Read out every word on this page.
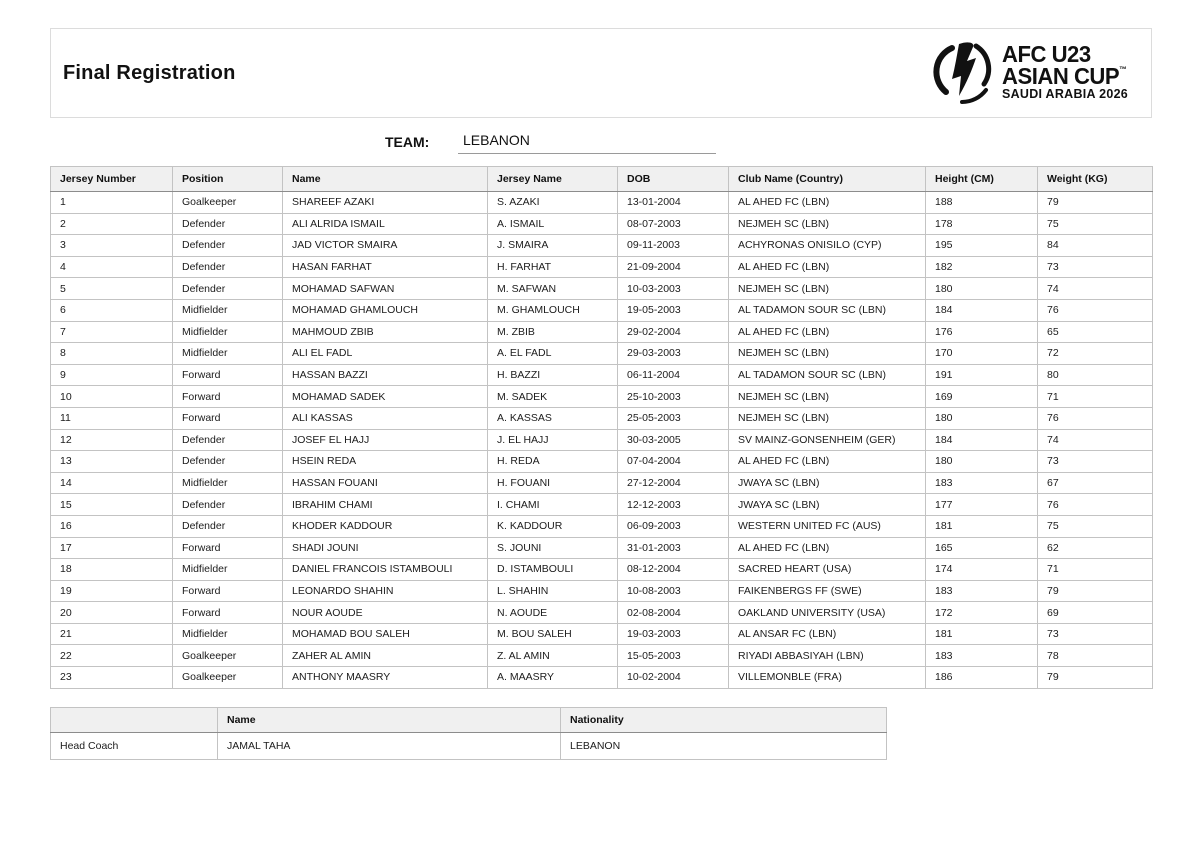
Final Registration
AFC U23
ASIAN CUP™
SAUDI ARABIA 2026
TEAM:	LEBANON
Jersey Number	Position	Name	Jersey Name	DOB	Club Name (Country)	Height (CM)	Weight (KG)
1	Goalkeeper	SHAREEF AZAKI	S. AZAKI	13-01-2004	AL AHED FC (LBN)	188	79
2	Defender	ALI ALRIDA ISMAIL	A. ISMAIL	08-07-2003	NEJMEH SC (LBN)	178	75
3	Defender	JAD VICTOR SMAIRA	J. SMAIRA	09-11-2003	ACHYRONAS ONISILO (CYP)	195	84
4	Defender	HASAN FARHAT	H. FARHAT	21-09-2004	AL AHED FC (LBN)	182	73
5	Defender	MOHAMAD SAFWAN	M. SAFWAN	10-03-2003	NEJMEH SC (LBN)	180	74
6	Midfielder	MOHAMAD GHAMLOUCH	M. GHAMLOUCH	19-05-2003	AL TADAMON SOUR SC (LBN)	184	76
7	Midfielder	MAHMOUD ZBIB	M. ZBIB	29-02-2004	AL AHED FC (LBN)	176	65
8	Midfielder	ALI EL FADL	A. EL FADL	29-03-2003	NEJMEH SC (LBN)	170	72
9	Forward	HASSAN BAZZI	H. BAZZI	06-11-2004	AL TADAMON SOUR SC (LBN)	191	80
10	Forward	MOHAMAD SADEK	M. SADEK	25-10-2003	NEJMEH SC (LBN)	169	71
11	Forward	ALI KASSAS	A. KASSAS	25-05-2003	NEJMEH SC (LBN)	180	76
12	Defender	JOSEF EL HAJJ	J. EL HAJJ	30-03-2005	SV MAINZ-GONSENHEIM (GER)	184	74
13	Defender	HSEIN REDA	H. REDA	07-04-2004	AL AHED FC (LBN)	180	73
14	Midfielder	HASSAN FOUANI	H. FOUANI	27-12-2004	JWAYA SC (LBN)	183	67
15	Defender	IBRAHIM CHAMI	I. CHAMI	12-12-2003	JWAYA SC (LBN)	177	76
16	Defender	KHODER KADDOUR	K. KADDOUR	06-09-2003	WESTERN UNITED FC (AUS)	181	75
17	Forward	SHADI JOUNI	S. JOUNI	31-01-2003	AL AHED FC (LBN)	165	62
18	Midfielder	DANIEL FRANCOIS ISTAMBOULI	D. ISTAMBOULI	08-12-2004	SACRED HEART (USA)	174	71
19	Forward	LEONARDO SHAHIN	L. SHAHIN	10-08-2003	FAIKENBERGS FF (SWE)	183	79
20	Forward	NOUR AOUDE	N. AOUDE	02-08-2004	OAKLAND UNIVERSITY (USA)	172	69
21	Midfielder	MOHAMAD BOU SALEH	M. BOU SALEH	19-03-2003	AL ANSAR FC (LBN)	181	73
22	Goalkeeper	ZAHER AL AMIN	Z. AL AMIN	15-05-2003	RIYADI ABBASIYAH (LBN)	183	78
23	Goalkeeper	ANTHONY MAASRY	A. MAASRY	10-02-2004	VILLEMONBLE (FRA)	186	79
	Name	Nationality
Head Coach	JAMAL TAHA	LEBANON
